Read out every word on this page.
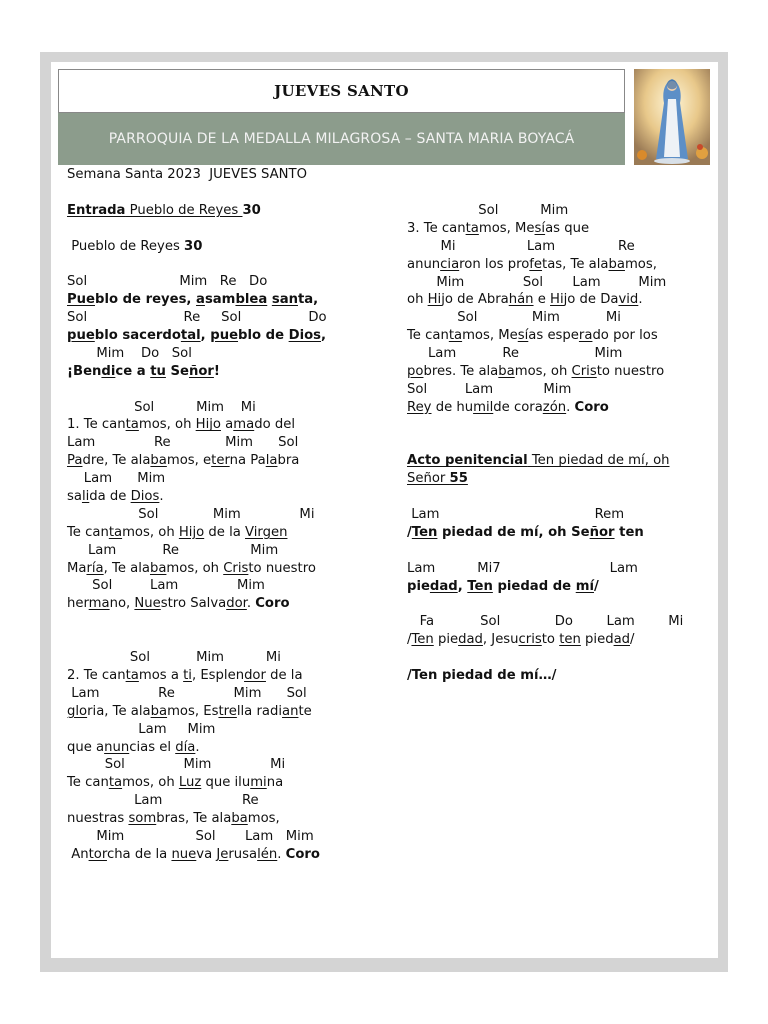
JUEVES SANTO
PARROQUIA DE LA MEDALLA MILAGROSA – SANTA MARIA BOYACÁ
Semana Santa 2023  JUEVES SANTO
Entrada Pueblo de Reyes 30
Pueblo de Reyes 30
Sol                      Mim   Re   Do
Pueblo de reyes, asamblea santa,
Sol                       Re     Sol                Do
pueblo sacerdotal, pueblo de Dios,
Mim    Do   Sol
¡Bendice a tu Señor!
Sol          Mim    Mi
1. Te cantamos, oh Hijo amado del
Lam              Re             Mim      Sol
Padre, Te alabamos, eterna Palabra
Lam      Mim
salida de Dios.
Sol             Mim              Mi
Te cantamos, oh Hijo de la Virgen
Lam           Re                 Mim
María, Te alabamos, oh Cristo nuestro
Sol         Lam              Mim
hermano, Nuestro Salvador. Coro
Sol           Mim          Mi
2. Te cantamos a ti, Esplendor de la
Lam              Re              Mim      Sol
gloria, Te alabamos, Estrella radiante
Lam     Mim
que anuncias el día.
Sol              Mim              Mi
Te cantamos, oh Luz que ilumina
Lam                   Re
nuestras sombras, Te alabamos,
Mim                 Sol       Lam   Mim
Antorcha de la nueva Jerusalén. Coro
Sol          Mim
3. Te cantamos, Mesías que
Mi                 Lam               Re
anunciaron los profetas, Te alabamos,
Mim              Sol       Lam         Mim
oh Hijo de Abrahán e Hijo de David.
Sol             Mim           Mi
Te cantamos, Mesías esperado por los
Lam           Re                  Mim
pobres. Te alabamos, oh Cristo nuestro
Sol         Lam            Mim
Rey de humilde corazón. Coro
Acto penitencial Ten piedad de mí, oh
Señor 55
Lam                                     Rem
/Ten piedad de mí, oh Señor ten
Lam          Mi7                          Lam
piedad, Ten piedad de mí/
Fa           Sol             Do        Lam        Mi
/Ten piedad, Jesucristo ten piedad/
/Ten piedad de mí…/
